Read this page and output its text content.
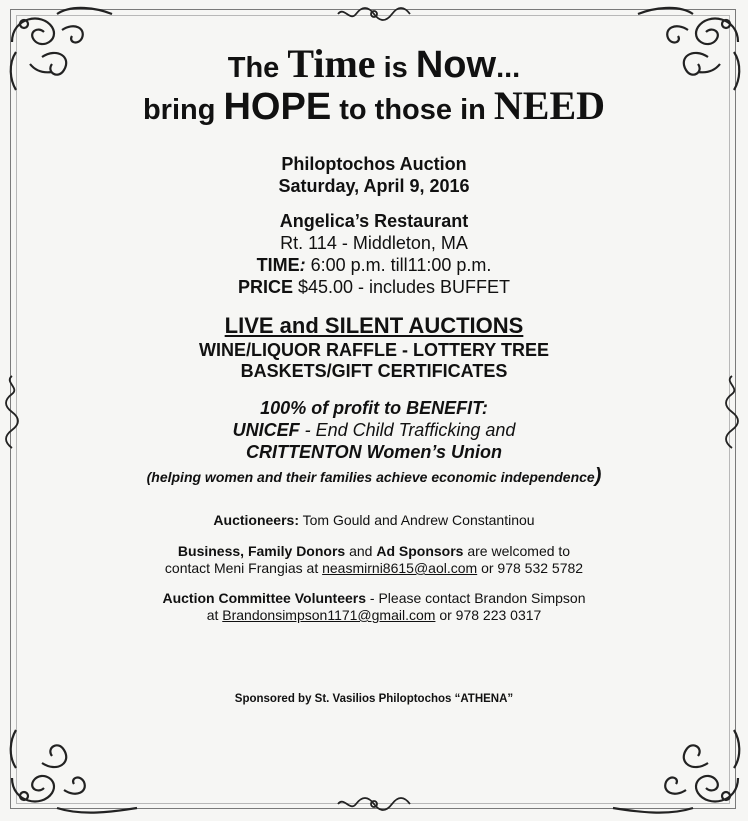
The Time is Now...
bring HOPE to those in NEED
Philoptochos Auction
Saturday, April 9, 2016
Angelica’s Restaurant
Rt. 114 - Middleton, MA
TIME: 6:00 p.m. till11:00 p.m.
PRICE $45.00 - includes BUFFET
LIVE and SILENT AUCTIONS
WINE/LIQUOR RAFFLE - LOTTERY TREE
BASKETS/GIFT CERTIFICATES
100% of profit to BENEFIT:
UNICEF - End Child Trafficking and
CRITTENTON Women’s Union
(helping women and their families achieve economic independence)
Auctioneers: Tom Gould and Andrew Constantinou
Business, Family Donors and Ad Sponsors are welcomed to
contact Meni Frangias at neasmirni8615@aol.com or 978 532 5782
Auction Committee Volunteers - Please contact Brandon Simpson
at Brandonsimpson1171@gmail.com or 978 223 0317
Sponsored by St. Vasilios Philoptochos “ATHENA”
